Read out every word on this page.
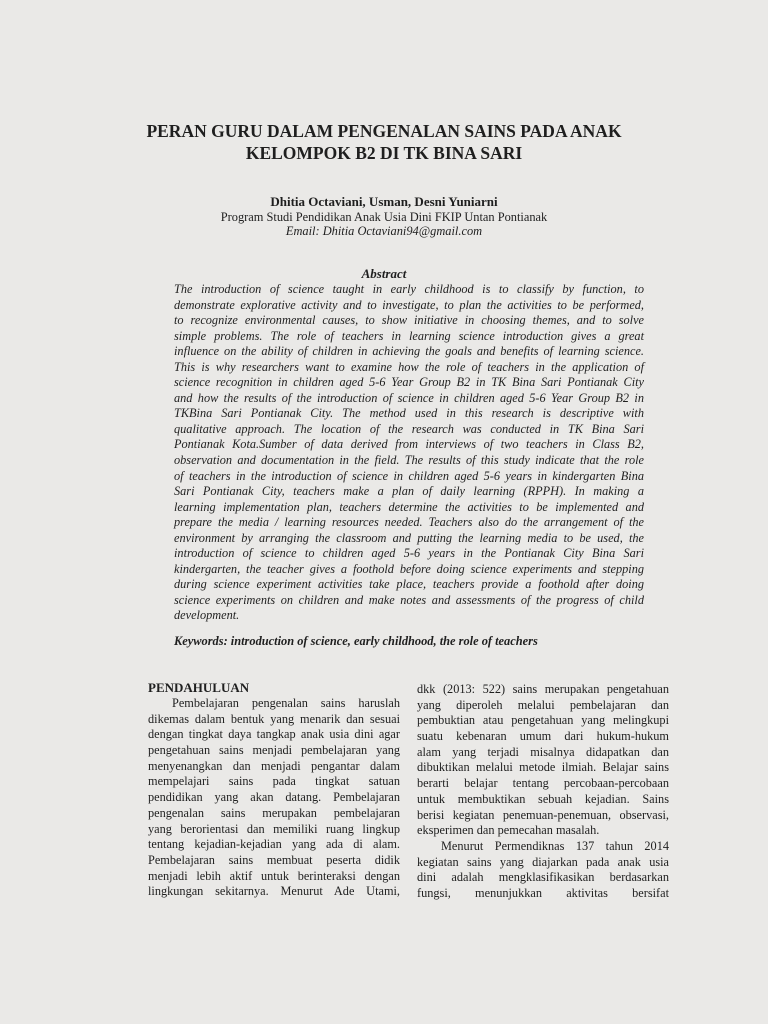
PERAN GURU DALAM PENGENALAN SAINS PADA ANAK
KELOMPOK B2 DI TK BINA SARI
Dhitia Octaviani, Usman, Desni Yuniarni
Program Studi Pendidikan Anak Usia Dini FKIP Untan Pontianak
Email: Dhitia Octaviani94@gmail.com
Abstract
The introduction of science taught in early childhood is to classify by function, to
demonstrate explorative activity and to investigate, to plan the activities to be performed,
to recognize environmental causes, to show initiative in choosing themes, and to solve
simple problems. The role of teachers in learning science introduction gives a great
influence on the ability of children in achieving the goals and benefits of learning science.
This is why researchers want to examine how the role of teachers in the application of
science recognition in children aged 5-6 Year Group B2 in TK Bina Sari Pontianak City
and how the results of the introduction of science in children aged 5-6 Year Group B2 in
TKBina Sari Pontianak City. The method used in this research is descriptive with
qualitative approach. The location of the research was conducted in TK Bina Sari
Pontianak Kota.Sumber of data derived from interviews of two teachers in Class B2,
observation and documentation in the field. The results of this study indicate that the role
of teachers in the introduction of science in children aged 5-6 years in kindergarten Bina
Sari Pontianak City, teachers make a plan of daily learning (RPPH). In making a
learning implementation plan, teachers determine the activities to be implemented and
prepare the media / learning resources needed. Teachers also do the arrangement of the
environment by arranging the classroom and putting the learning media to be used, the
introduction of science to children aged 5-6 years in the Pontianak City Bina Sari
kindergarten, the teacher gives a foothold before doing science experiments and stepping
during science experiment activities take place, teachers provide a foothold after doing
science experiments on children and make notes and assessments of the progress of child
development.
Keywords: introduction of science, early childhood, the role of teachers
PENDAHULUAN
Pembelajaran pengenalan sains haruslah
dikemas dalam bentuk yang menarik dan sesuai
dengan tingkat daya tangkap anak usia dini agar
pengetahuan sains menjadi pembelajaran yang
menyenangkan dan menjadi pengantar dalam
mempelajari sains pada tingkat satuan
pendidikan yang akan datang. Pembelajaran
pengenalan sains merupakan pembelajaran
yang berorientasi dan memiliki ruang lingkup
tentang kejadian-kejadian yang ada di alam.
Pembelajaran sains membuat peserta didik
menjadi lebih aktif untuk berinteraksi dengan
lingkungan sekitarnya. Menurut Ade Utami,
dkk (2013: 522) sains merupakan pengetahuan
yang diperoleh melalui pembelajaran dan
pembuktian atau pengetahuan yang melingkupi
suatu kebenaran umum dari hukum-hukum
alam yang terjadi misalnya didapatkan dan
dibuktikan melalui metode ilmiah. Belajar sains
berarti belajar tentang percobaan-percobaan
untuk membuktikan sebuah kejadian. Sains
berisi kegiatan penemuan-penemuan, observasi,
eksperimen dan pemecahan masalah.
Menurut Permendiknas 137 tahun 2014
kegiatan sains yang diajarkan pada anak usia
dini adalah mengklasifikasikan berdasarkan
fungsi, menunjukkan aktivitas bersifat
